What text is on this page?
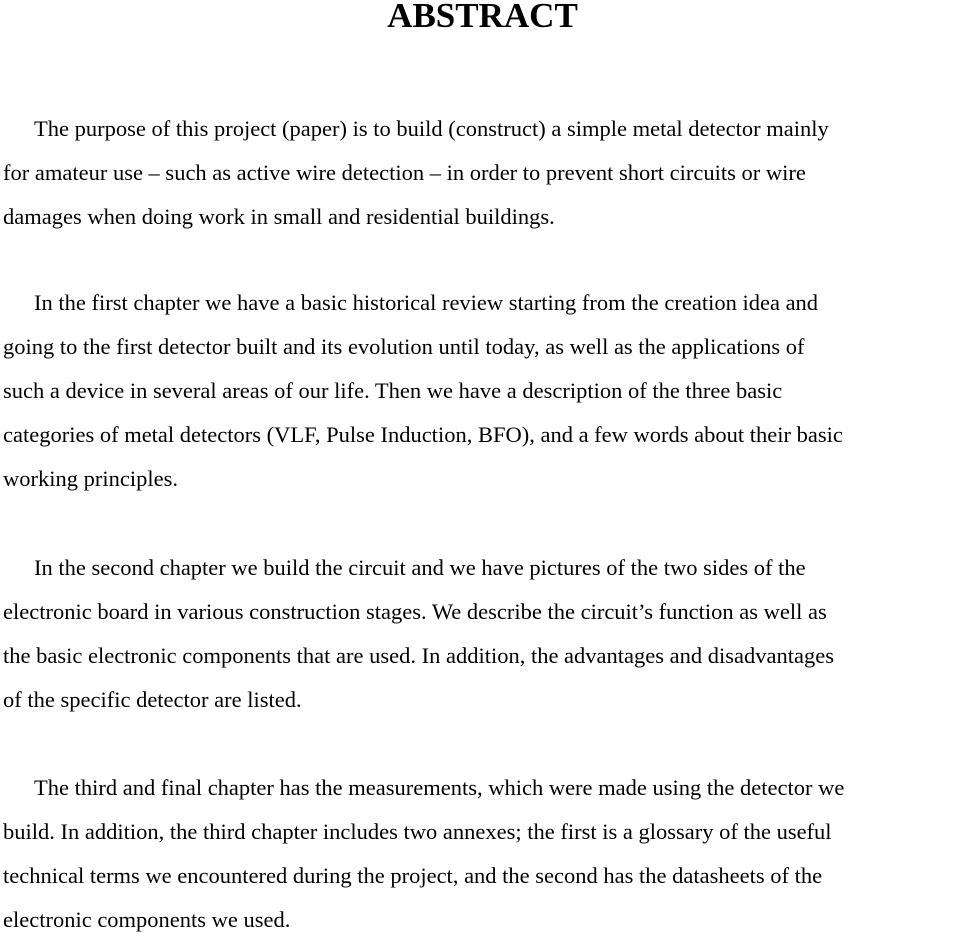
ABSTRACT

The purpose of this project (paper) is to build (construct) a simple metal detector mainly
for amateur use – such as active wire detection – in order to prevent short circuits or wire
damages when doing work in small and residential buildings.

In the first chapter we have a basic historical review starting from the creation idea and
going to the first detector built and its evolution until today, as well as the applications of
such a device in several areas of our life. Then we have a description of the three basic
categories of metal detectors (VLF, Pulse Induction, BFO), and a few words about their basic
working principles.

In the second chapter we build the circuit and we have pictures of the two sides of the
electronic board in various construction stages. We describe the circuit’s function as well as
the basic electronic components that are used. In addition, the advantages and disadvantages
of the specific detector are listed.

The third and final chapter has the measurements, which were made using the detector we
build. In addition, the third chapter includes two annexes; the first is a glossary of the useful
technical terms we encountered during the project, and the second has the datasheets of the
electronic components we used.
